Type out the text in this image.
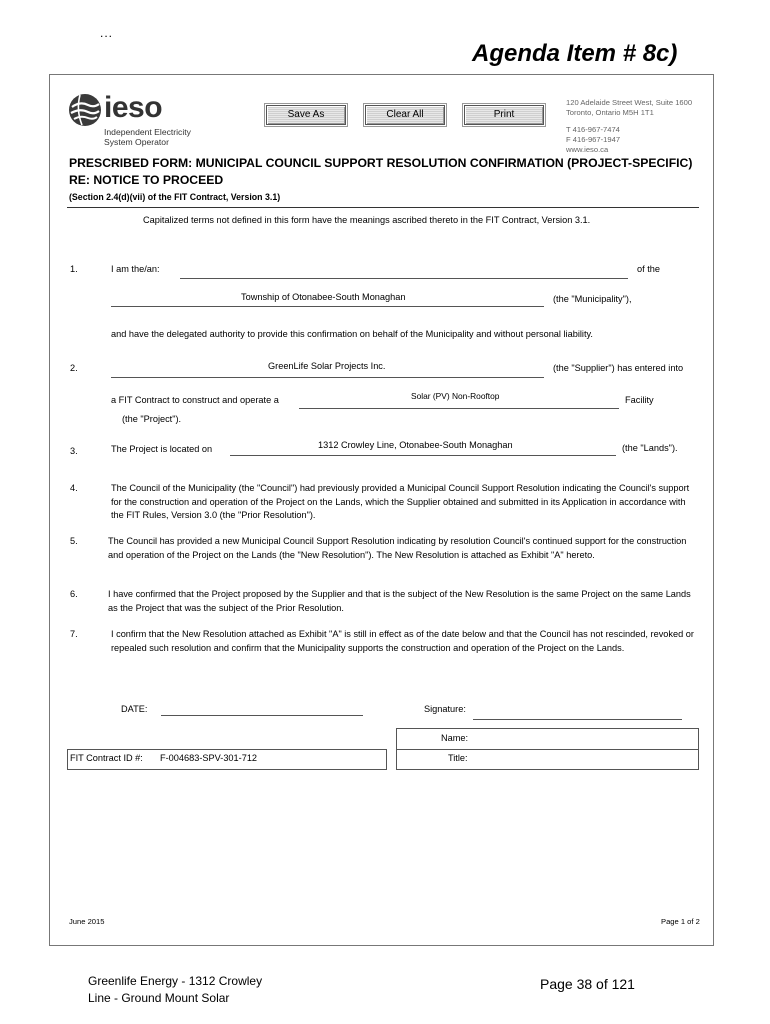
...
Agenda Item # 8c)
ieso
Independent Electricity
System Operator
Save As	Clear All	Print
120 Adelaide Street West, Suite 1600
Toronto, Ontario M5H 1T1
T 416-967-7474
F 416-967-1947
www.ieso.ca
PRESCRIBED FORM: MUNICIPAL COUNCIL SUPPORT RESOLUTION CONFIRMATION (PROJECT-SPECIFIC)
RE: NOTICE TO PROCEED
(Section 2.4(d)(vii) of the FIT Contract, Version 3.1)
Capitalized terms not defined in this form have the meanings ascribed thereto in the FIT Contract, Version 3.1.
1.	I am the/an:	of the
Township of Otonabee-South Monaghan	(the "Municipality"),
and have the delegated authority to provide this confirmation on behalf of the Municipality and without personal liability.
2.	GreenLife Solar Projects Inc.	(the "Supplier") has entered into
a FIT Contract to construct and operate a	Solar (PV) Non-Rooftop	Facility
(the "Project").
3.	The Project is located on	1312 Crowley Line, Otonabee-South Monaghan	(the "Lands").
4.	The Council of the Municipality (the "Council") had previously provided a Municipal Council Support Resolution indicating the Council's support for the construction and operation of the Project on the Lands, which the Supplier obtained and submitted in its Application in accordance with the FIT Rules, Version 3.0 (the "Prior Resolution").
5.	The Council has provided a new Municipal Council Support Resolution indicating by resolution Council's continued support for the construction and operation of the Project on the Lands (the "New Resolution"). The New Resolution is attached as Exhibit "A" hereto.
6.	I have confirmed that the Project proposed by the Supplier and that is the subject of the New Resolution is the same Project on the same Lands as the Project that was the subject of the Prior Resolution.
7.	I confirm that the New Resolution attached as Exhibit "A" is still in effect as of the date below and that the Council has not rescinded, revoked or repealed such resolution and confirm that the Municipality supports the construction and operation of the Project on the Lands.
DATE:	Signature:
Name:
Title:
FIT Contract ID #: F-004683-SPV-301-712
June 2015	Page 1 of 2
Greenlife Energy - 1312 Crowley
Line - Ground Mount Solar
Page 38 of 121
